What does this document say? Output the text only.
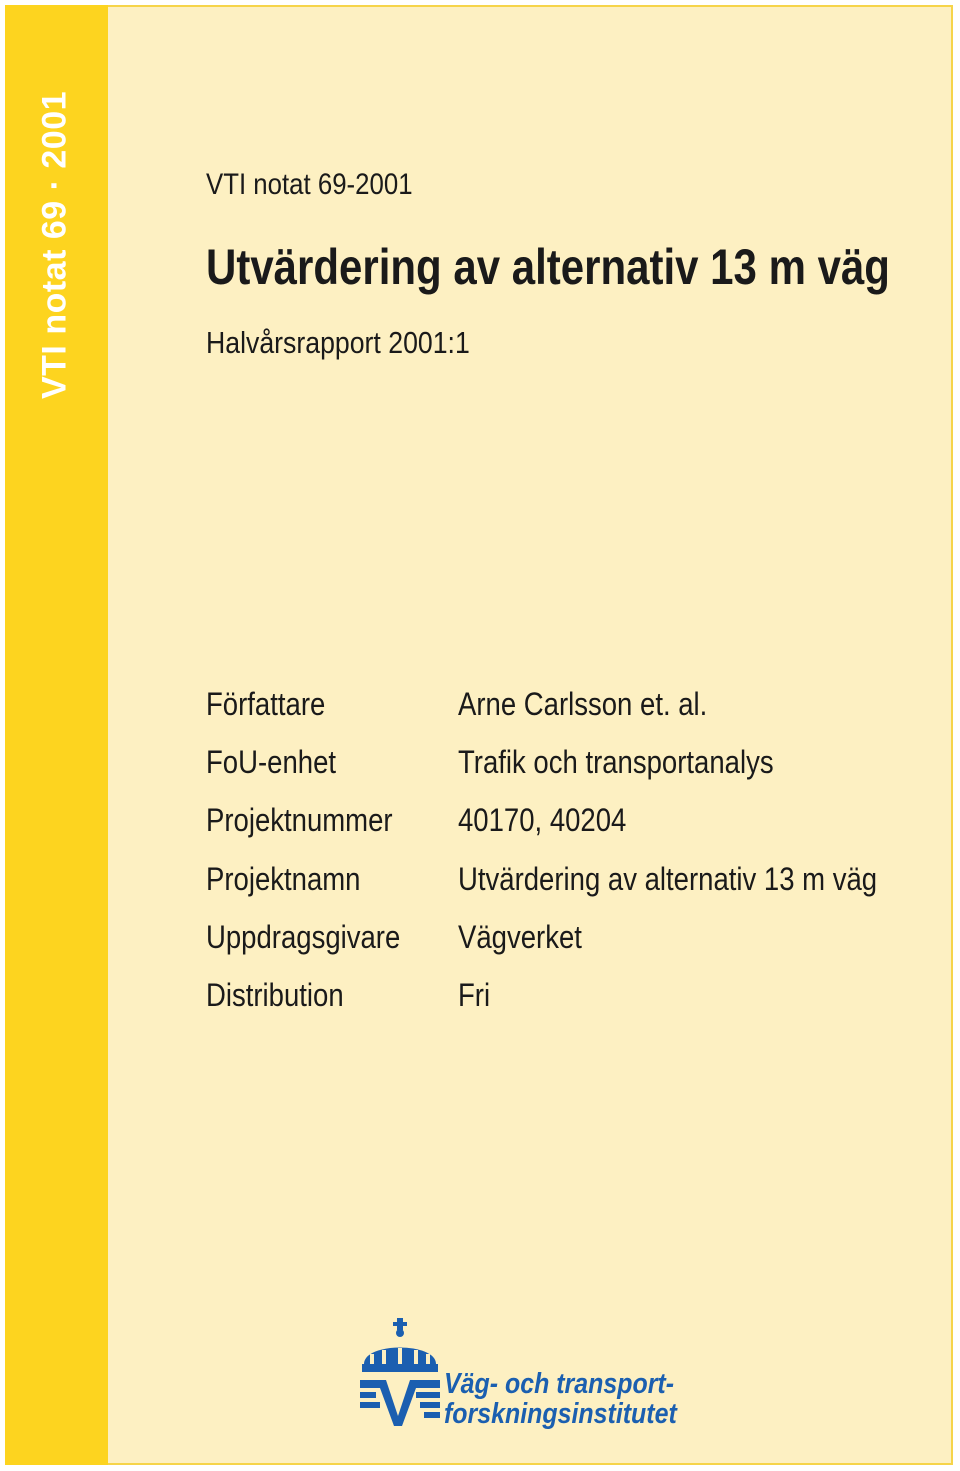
VTI notat 69 · 2001	VTI notat 69-2001
Utvärdering av alternativ 13 m väg
Halvårsrapport 2001:1
Författare	Arne Carlsson et. al.
FoU-enhet	Trafik och transportanalys
Projektnummer 40170, 40204
Projektnamn	Utvärdering av alternativ 13 m väg
Uppdragsgivare Vägverket
Distribution	Fri
Väg- och transport-
forskningsinstitutet
